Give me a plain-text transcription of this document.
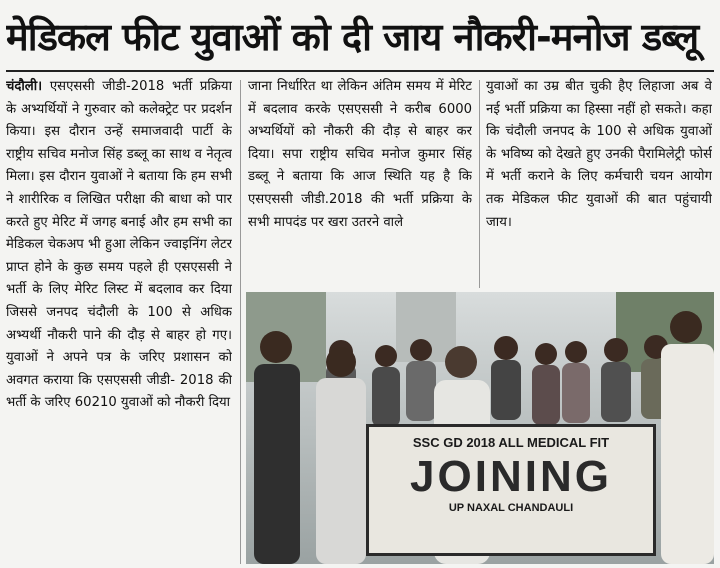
मेडिकल फीट युवाओं को दी जाय नौकरी-मनोज डब्लू

चंदौली। एसएससी जीडी-2018 भर्ती प्रक्रिया के अभ्यर्थियों ने गुरुवार को कलेक्ट्रेट पर प्रदर्शन किया। इस दौरान उन्हें समाजवादी पार्टी के राष्ट्रीय सचिव मनोज सिंह डब्लू का साथ व नेतृत्व मिला। इस दौरान युवाओं ने बताया कि हम सभी ने शारीरिक व लिखित परीक्षा की बाधा को पार करते हुए मेरिट में जगह बनाई और हम सभी का मेडिकल चेकअप भी हुआ लेकिन ज्वाइनिंग लेटर प्राप्त होने के कुछ समय पहले ही एसएससी ने भर्ती के लिए मेरिट लिस्ट में बदलाव कर दिया जिससे जनपद चंदौली के 100 से अधिक अभ्यर्थी नौकरी पाने की दौड़ से बाहर हो गए। युवाओं ने अपने पत्र के जरिए प्रशासन को अवगत कराया कि एसएससी जीडी- 2018 की भर्ती के जरिए 60210 युवाओं को नौकरी दिया

जाना निर्धारित था लेकिन अंतिम समय में मेरिट में बदलाव करके एसएससी ने करीब 6000 अभ्यर्थियों को नौकरी की दौड़ से बाहर कर दिया। सपा राष्ट्रीय सचिव मनोज कुमार सिंह डब्लू ने बताया कि आज स्थिति यह है कि एसएससी जीडी.2018 की भर्ती प्रक्रिया के सभी मापदंड पर खरा उतरने वाले

युवाओं का उम्र बीत चुकी हैए लिहाजा अब वे नई भर्ती प्रक्रिया का हिस्सा नहीं हो सकते। कहा कि चंदौली जनपद के 100 से अधिक युवाओं के भविष्य को देखते हुए उनकी पैरामिलेट्री फोर्स में भर्ती कराने के लिए कर्मचारी चयन आयोग तक मेडिकल फीट युवाओं की बात पहुंचायी जाय।

SSC GD 2018 ALL MEDICAL FIT
JOINING
UP NAXAL CHANDAULI
